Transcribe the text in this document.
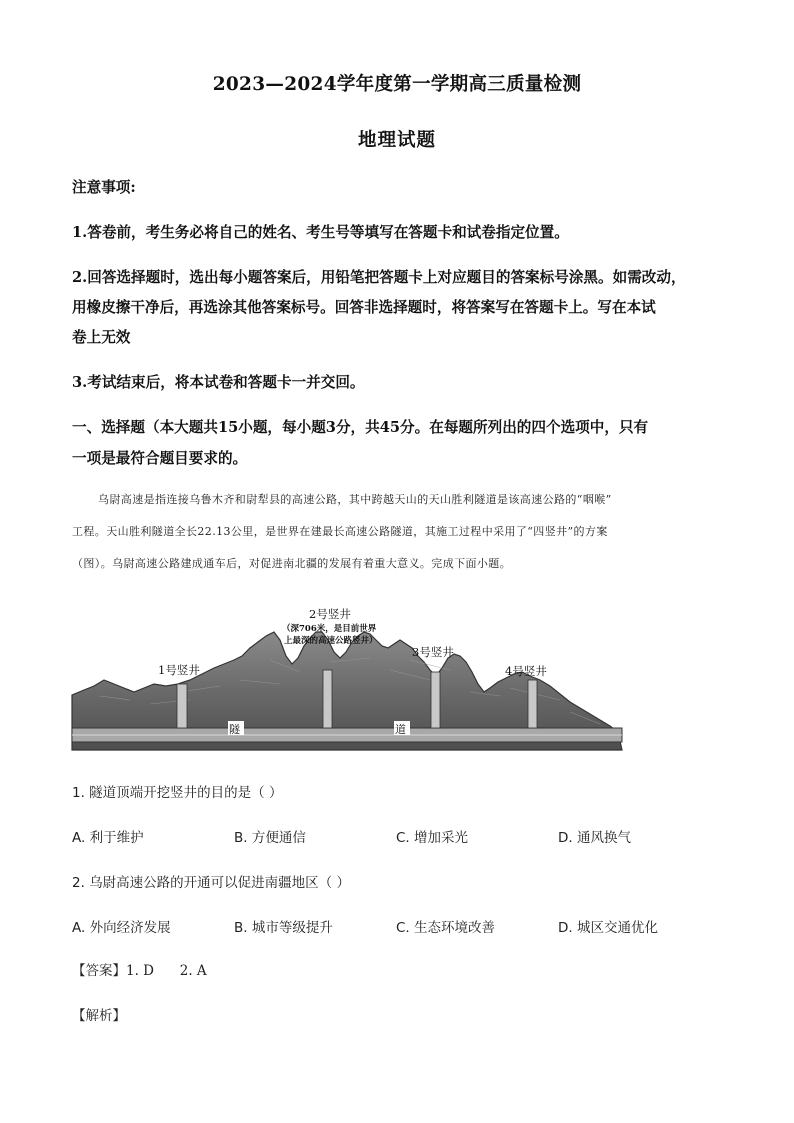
2023—2024学年度第一学期高三质量检测
地理试题
注意事项:
1.答卷前，考生务必将自己的姓名、考生号等填写在答题卡和试卷指定位置。
2.回答选择题时，选出每小题答案后，用铅笔把答题卡上对应题目的答案标号涂黑。如需改动，
用橡皮擦干净后，再选涂其他答案标号。回答非选择题时，将答案写在答题卡上。写在本试
卷上无效
3.考试结束后，将本试卷和答题卡一并交回。
一、选择题（本大题共15小题，每小题3分，共45分。在每题所列出的四个选项中，只有
一项是最符合题目要求的。
乌尉高速是指连接乌鲁木齐和尉犁县的高速公路，其中跨越天山的天山胜利隧道是该高速公路的“咽喉”
工程。天山胜利隧道全长22.13公里，是世界在建最长高速公路隧道，其施工过程中采用了“四竖井”的方案
（图）。乌尉高速公路建成通车后，对促进南北疆的发展有着重大意义。完成下面小题。
隧	道
1号竖井
2号竖井
（深706米，是目前世界
上最深的高速公路竖井）
3号竖井
4号竖井
1. 隧道顶端开挖竖井的目的是（ ）
A. 利于维护	B. 方便通信	C. 增加采光	D. 通风换气
2. 乌尉高速公路的开通可以促进南疆地区（ ）
A. 外向经济发展	B. 城市等级提升	C. 生态环境改善	D. 城区交通优化
【答案】1. D      2. A
【解析】
